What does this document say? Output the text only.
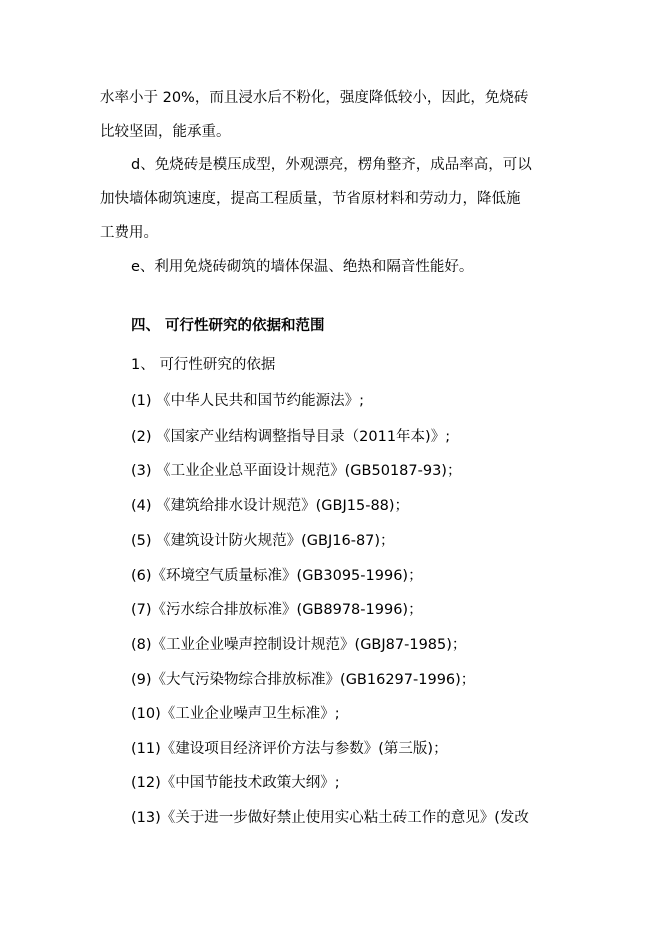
水率小于 20%，而且浸水后不粉化，强度降低较小，因此，免烧砖
比较坚固，能承重。
d、免烧砖是模压成型，外观漂亮，楞角整齐，成品率高，可以
加快墙体砌筑速度，提高工程质量，节省原材料和劳动力，降低施
工费用。
e、利用免烧砖砌筑的墙体保温、绝热和隔音性能好。
四、 可行性研究的依据和范围
1、 可行性研究的依据
(1) 《中华人民共和国节约能源法》;
(2) 《国家产业结构调整指导目录（2011年本)》;
(3) 《工业企业总平面设计规范》(GB50187-93)；
(4) 《建筑给排水设计规范》(GBJ15-88)；
(5) 《建筑设计防火规范》(GBJ16-87)；
(6)《环境空气质量标准》(GB3095-1996)；
(7)《污水综合排放标准》(GB8978-1996)；
(8)《工业企业噪声控制设计规范》(GBJ87-1985)；
(9)《大气污染物综合排放标准》(GB16297-1996)；
(10)《工业企业噪声卫生标准》;
(11)《建设项目经济评价方法与参数》(第三版)；
(12)《中国节能技术政策大纲》;
(13)《关于进一步做好禁止使用实心粘土砖工作的意见》(发改
